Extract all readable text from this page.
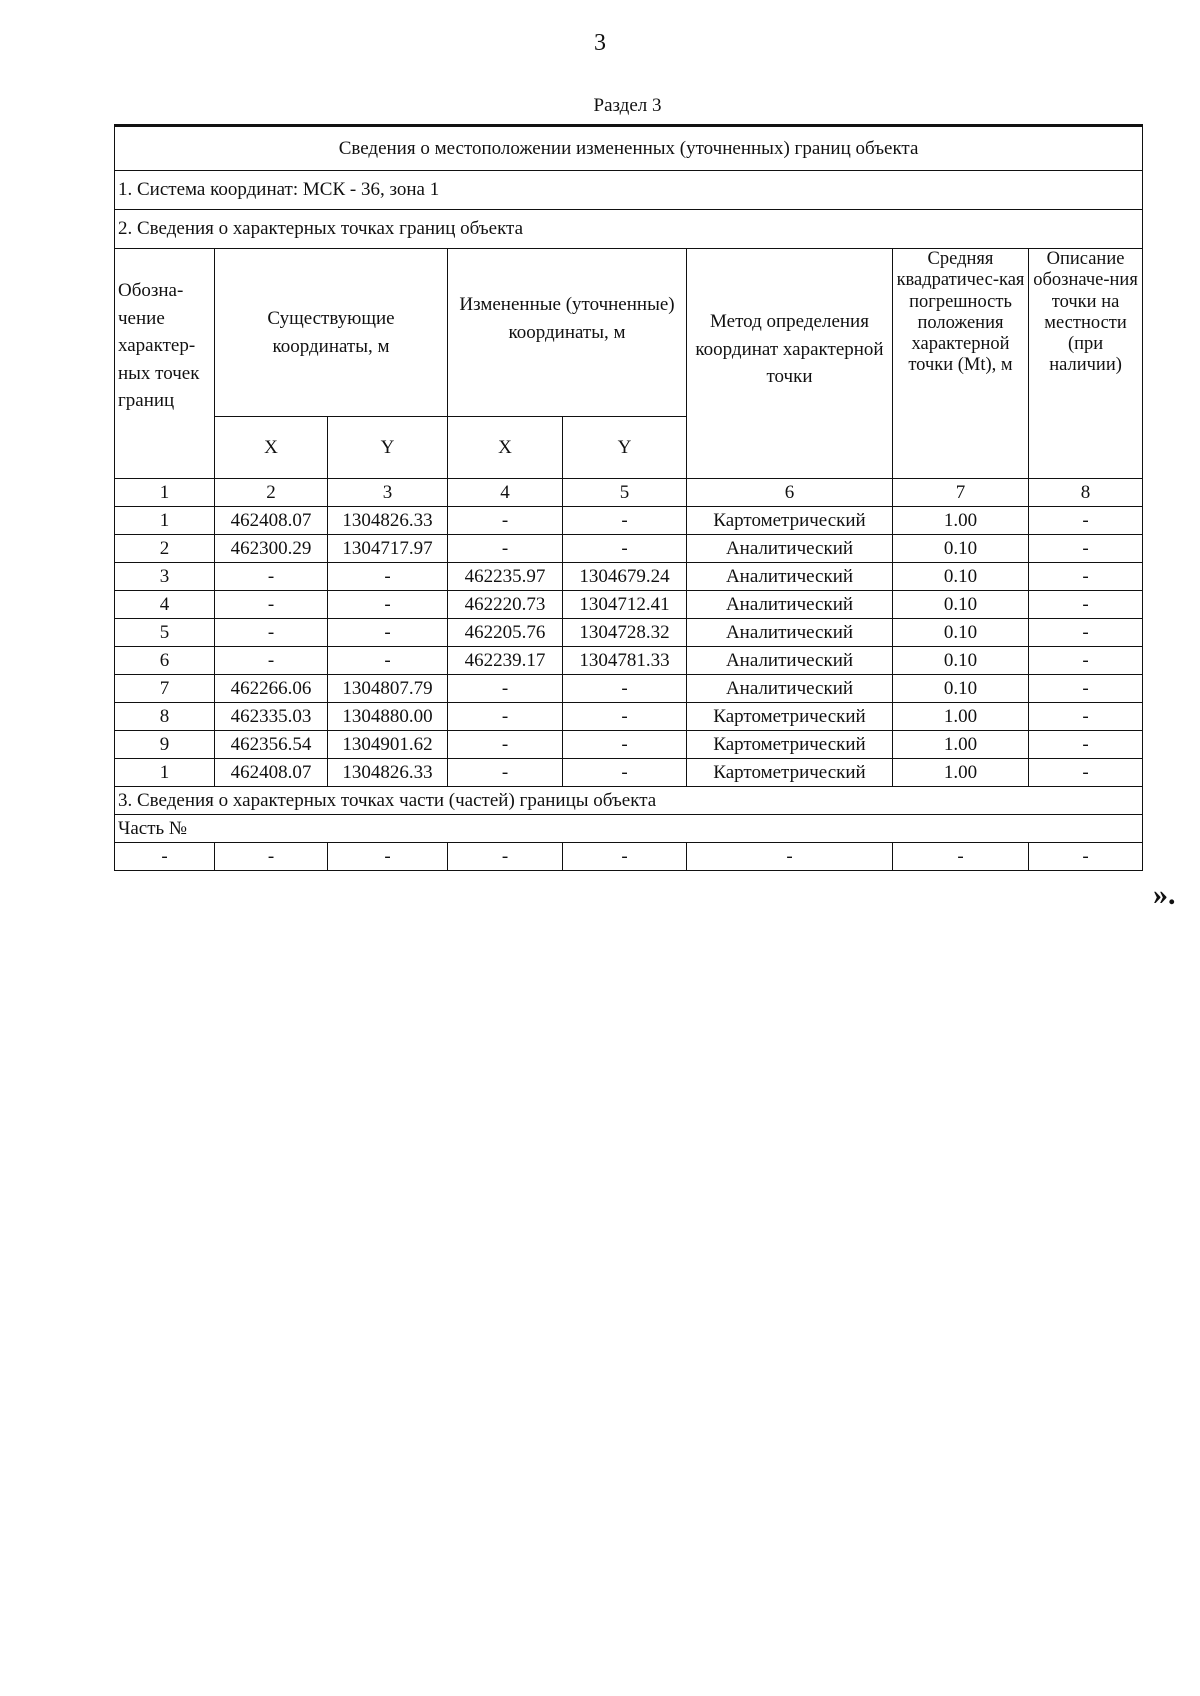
3
Раздел 3
Сведения о местоположении измененных (уточненных) границ объекта							
1. Система координат: МСК - 36, зона 1							
2. Сведения о характерных точках границ объекта							
Обозна-чение характер-ных точек границ	Существующие координаты, м		Измененные (уточненные) координаты, м		Метод определения координат характерной точки	Средняя квадратичес-кая погрешность положения характерной точки (Mt), м	Описание обозначе-ния точки на местности (при наличии)
	X	Y	X	Y			
1	2	3	4	5	6	7	8
1	462408.07	1304826.33	-	-	Картометрический	1.00	-
2	462300.29	1304717.97	-	-	Аналитический	0.10	-
3	-	-	462235.97	1304679.24	Аналитический	0.10	-
4	-	-	462220.73	1304712.41	Аналитический	0.10	-
5	-	-	462205.76	1304728.32	Аналитический	0.10	-
6	-	-	462239.17	1304781.33	Аналитический	0.10	-
7	462266.06	1304807.79	-	-	Аналитический	0.10	-
8	462335.03	1304880.00	-	-	Картометрический	1.00	-
9	462356.54	1304901.62	-	-	Картометрический	1.00	-
1	462408.07	1304826.33	-	-	Картометрический	1.00	-
3. Сведения о характерных точках части (частей) границы объекта							
Часть №							
-	-	-	-	-	-	-	-
».
